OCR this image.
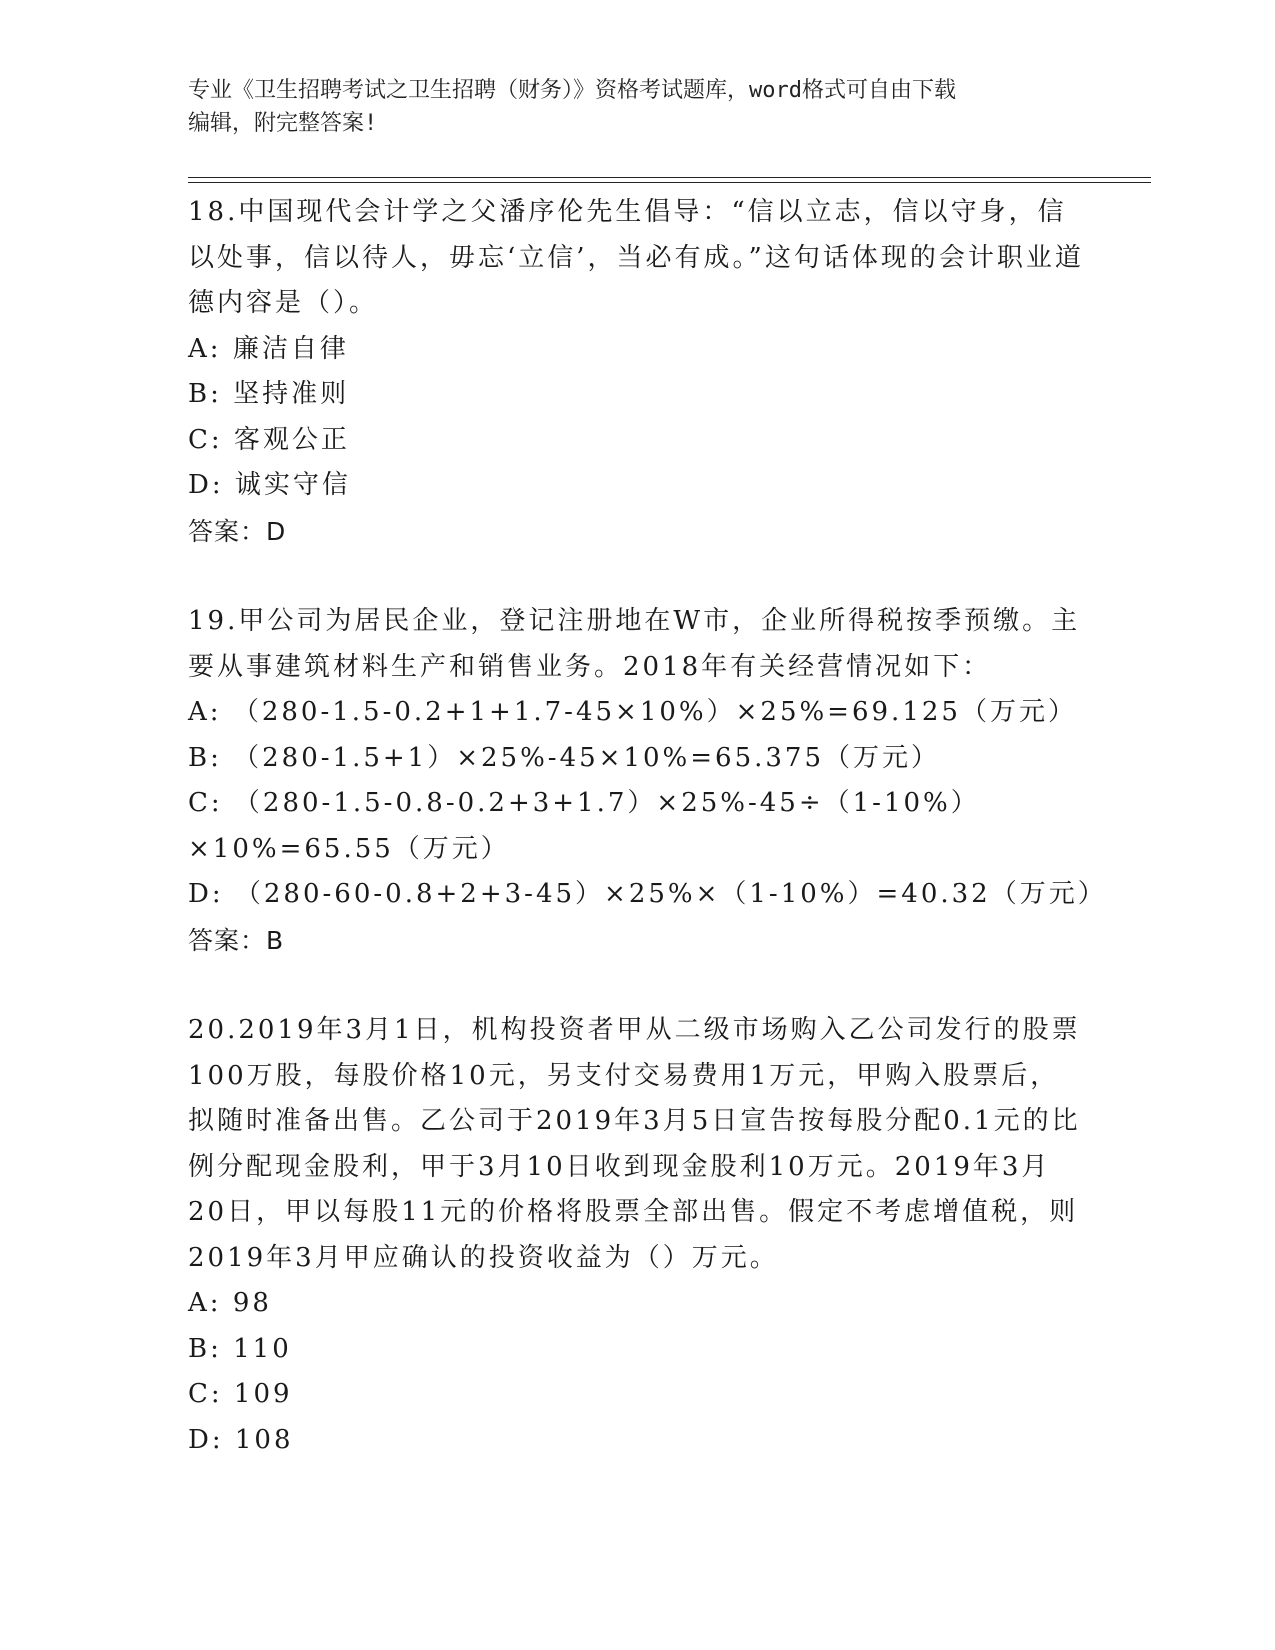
专业《卫生招聘考试之卫生招聘（财务）》资格考试题库，word格式可自由下载
编辑，附完整答案!

18.中国现代会计学之父潘序伦先生倡导：“信以立志，信以守身，信以处事，信以待人，毋忘‘立信’，当必有成。”这句话体现的会计职业道德内容是（）。

A: 廉洁自律

B: 坚持准则

C: 客观公正

D: 诚实守信

答案：D

19.甲公司为居民企业，登记注册地在W市，企业所得税按季预缴。主要从事建筑材料生产和销售业务。2018年有关经营情况如下：

A: （280-1.5-0.2+1+1.7-45×10%）×25%=69.125（万元）

B: （280-1.5+1）×25%-45×10%=65.375（万元）

C: （280-1.5-0.8-0.2+3+1.7）×25%-45÷（1-10%）×10%=65.55（万元）

D: （280-60-0.8+2+3-45）×25%×（1-10%）=40.32（万元）

答案：B

20.2019年3月1日，机构投资者甲从二级市场购入乙公司发行的股票100万股，每股价格10元，另支付交易费用1万元，甲购入股票后，拟随时准备出售。乙公司于2019年3月5日宣告按每股分配0.1元的比例分配现金股利，甲于3月10日收到现金股利10万元。2019年3月20日，甲以每股11元的价格将股票全部出售。假定不考虑增值税，则2019年3月甲应确认的投资收益为（）万元。

A: 98

B: 110

C: 109

D: 108
